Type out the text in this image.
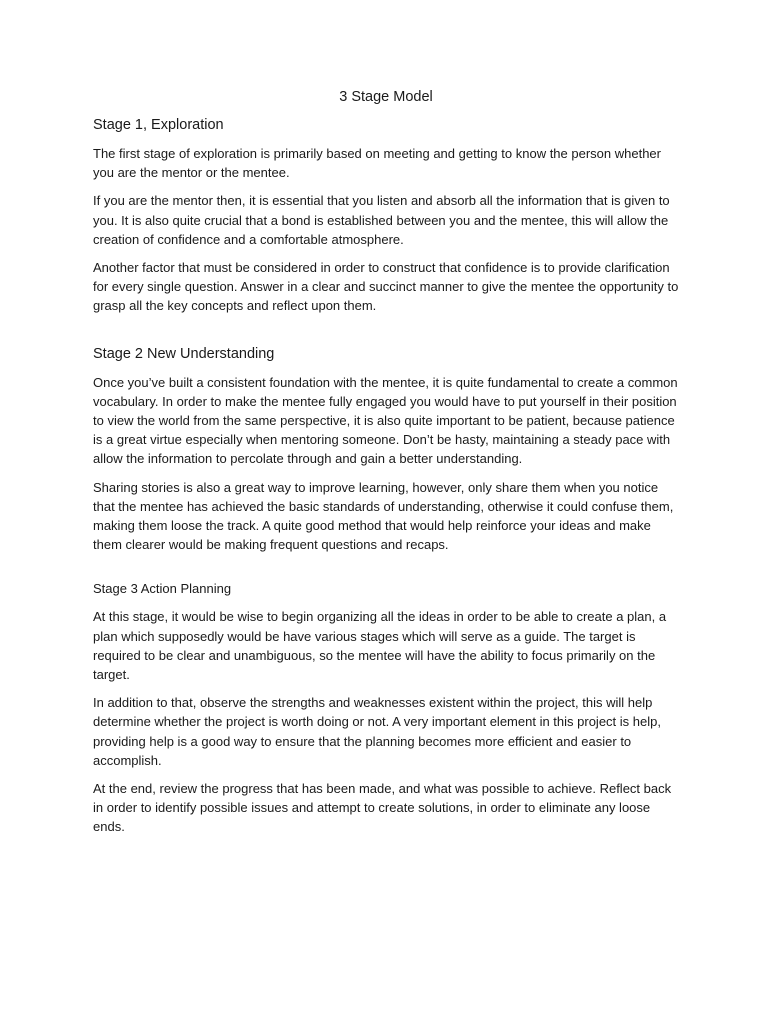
3 Stage Model
Stage 1, Exploration

The first stage of exploration is primarily based on meeting and getting to know the person whether you are the mentor or the mentee.

If you are the mentor then, it is essential that you listen and absorb all the information that is given to you. It is also quite crucial that a bond is established between you and the mentee, this will allow the creation of confidence and a comfortable atmosphere.

Another factor that must be considered in order to construct that confidence is to provide clarification for every single question. Answer in a clear and succinct manner to give the mentee the opportunity to grasp all the key concepts and reflect upon them.

Stage 2 New Understanding

Once you’ve built a consistent foundation with the mentee, it is quite fundamental to create a common vocabulary. In order to make the mentee fully engaged you would have to put yourself in their position to view the world from the same perspective, it is also quite important to be patient, because patience is a great virtue especially when mentoring someone. Don’t be hasty, maintaining a steady pace with allow the information to percolate through and gain a better understanding.

Sharing stories is also a great way to improve learning, however, only share them when you notice that the mentee has achieved the basic standards of understanding, otherwise it could confuse them, making them loose the track. A quite good method that would help reinforce your ideas and make them clearer would be making frequent questions and recaps.

Stage 3 Action Planning

At this stage, it would be wise to begin organizing all the ideas in order to be able to create a plan, a plan which supposedly would be have various stages which will serve as a guide. The target is required to be clear and unambiguous, so the mentee will have the ability to focus primarily on the target.

In addition to that, observe the strengths and weaknesses existent within the project, this will help determine whether the project is worth doing or not. A very important element in this project is help, providing help is a good way to ensure that the planning becomes more efficient and easier to accomplish.

At the end, review the progress that has been made, and what was possible to achieve. Reflect back in order to identify possible issues and attempt to create solutions, in order to eliminate any loose ends.
